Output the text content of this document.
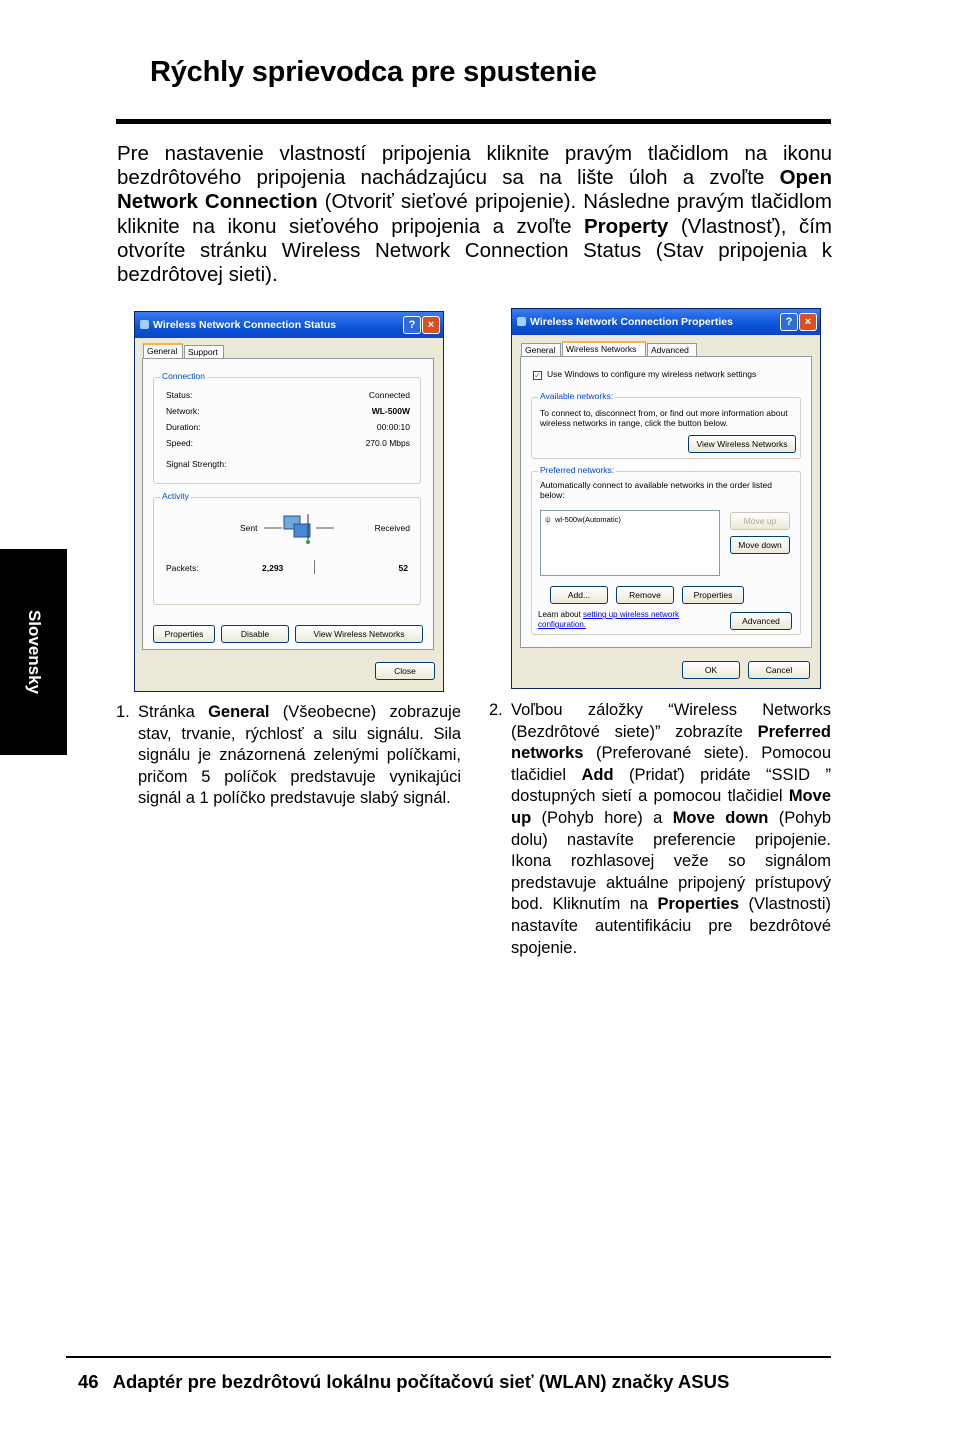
Rýchly sprievodca pre spustenie
Pre nastavenie vlastností pripojenia kliknite pravým tlačidlom na ikonu bezdrôtového pripojenia nachádzajúcu sa na lište úloh a zvoľte Open Network Connection (Otvoriť sieťové pripojenie). Následne pravým tlačidlom kliknite na ikonu sieťového pripojenia a zvoľte Property (Vlastnosť), čím otvoríte stránku Wireless Network Connection Status (Stav pripojenia k bezdrôtovej sieti).
Slovensky
Wireless Network Connection Status	?	×
General	Support
Connection
Status:	Connected
Network:	WL-500W
Duration:	00:00:10
Speed:	270.0 Mbps
Signal Strength:
Activity
Sent	Received
Packets:	2,293	52
Properties	Disable	View Wireless Networks
Close
Wireless Network Connection Properties	?	×
General	Wireless Networks	Advanced
✓ Use Windows to configure my wireless network settings
Available networks:
To connect to, disconnect from, or find out more information about wireless networks in range, click the button below.
View Wireless Networks
Preferred networks:
Automatically connect to available networks in the order listed below:
ψ wl-500w(Automatic)	Move up
Move down
Add...	Remove	Properties
Learn about setting up wireless network configuration.	Advanced
OK	Cancel
1. Stránka General (Všeobecne) zobrazuje stav, trvanie, rýchlosť a silu signálu. Sila signálu je znázornená zelenými políčkami, pričom 5 políčok predstavuje vynikajúci signál a 1 políčko predstavuje slabý signál.
2. Voľbou záložky “Wireless Networks (Bezdrôtové siete)” zobrazíte Preferred networks (Preferované siete). Pomocou tlačidiel Add (Pridať) pridáte “SSID ” dostupných sietí a pomocou tlačidiel Move up (Pohyb hore) a Move down (Pohyb dolu) nastavíte preferencie pripojenie. Ikona rozhlasovej veže so signálom predstavuje aktuálne pripojený prístupový bod. Kliknutím na Properties (Vlastnosti) nastavíte autentifikáciu pre bezdrôtové spojenie.
46 Adaptér pre bezdrôtovú lokálnu počítačovú sieť (WLAN) značky ASUS
